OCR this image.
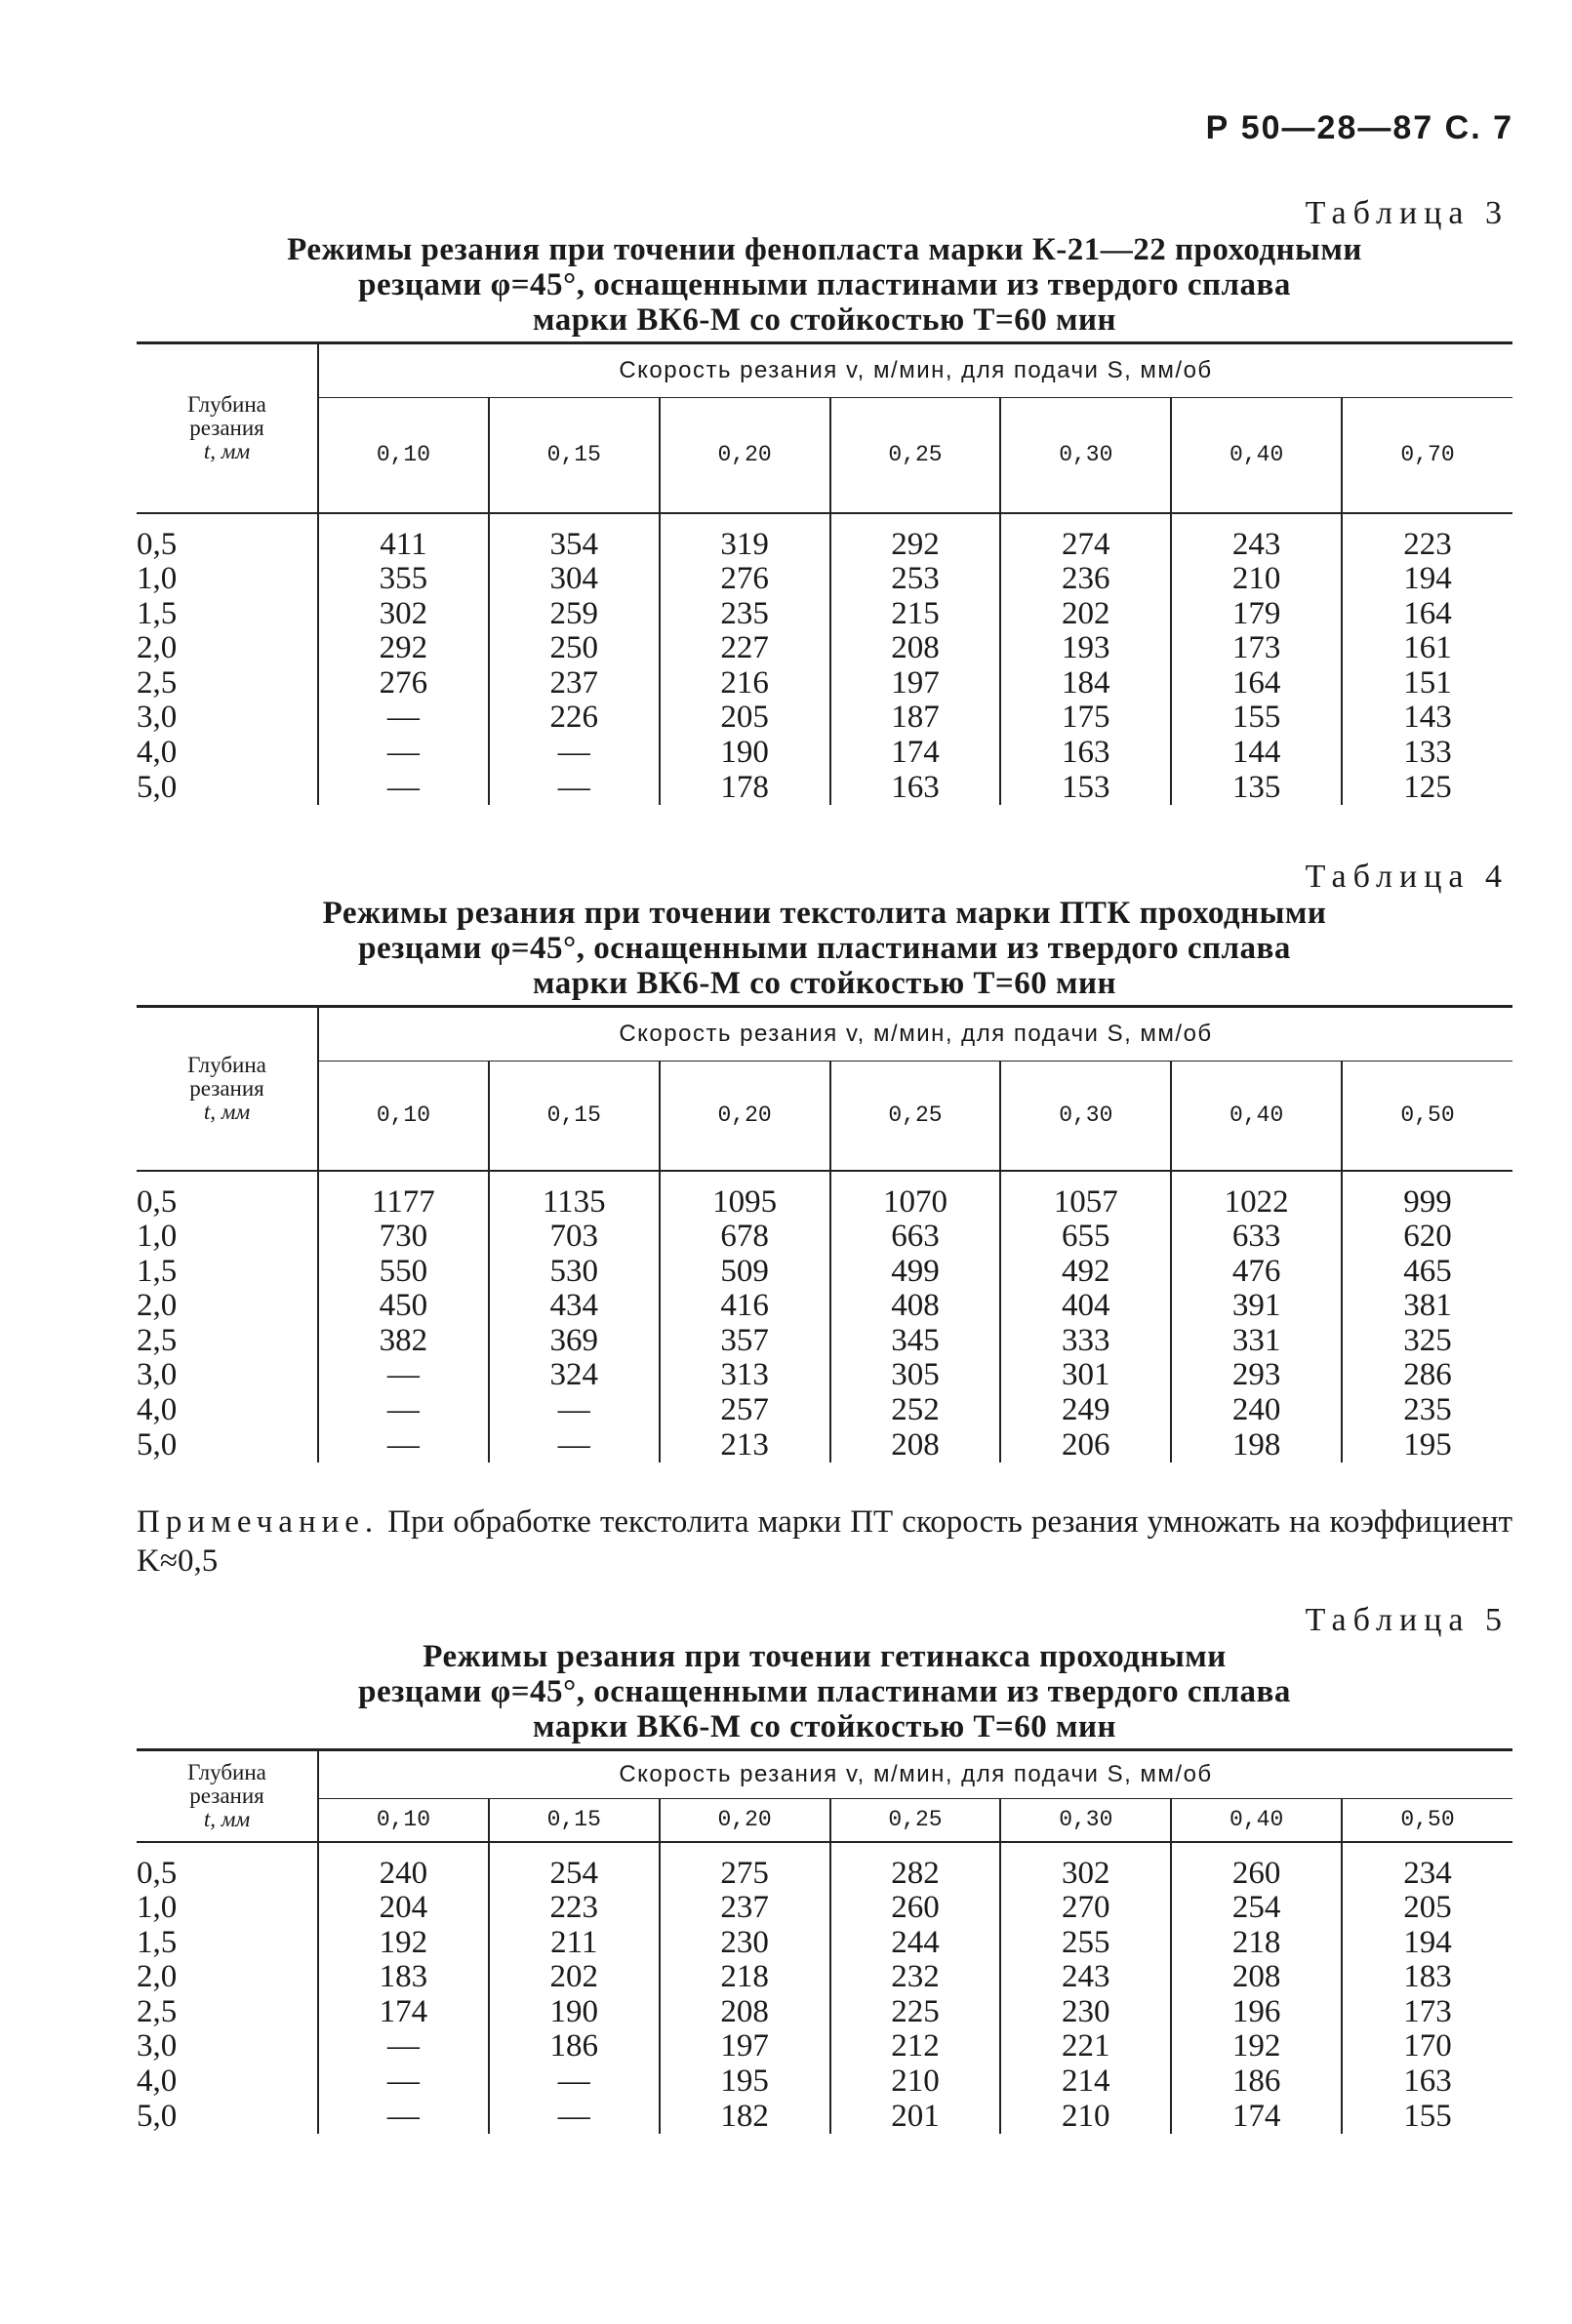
Р 50—28—87 С. 7
Таблица 3
Режимы резания при точении фенопласта марки К-21—22 проходными
резцами φ=45°, оснащенными пластинами из твердого сплава
марки ВК6-М со стойкостью T=60 мин
Глубина
резания
t, мм	Скорость резания v, м/мин, для подачи S, мм/об						
	0,10	0,15	0,20	0,25	0,30	0,40	0,70
0,5	411	354	319	292	274	243	223
1,0	355	304	276	253	236	210	194
1,5	302	259	235	215	202	179	164
2,0	292	250	227	208	193	173	161
2,5	276	237	216	197	184	164	151
3,0	—	226	205	187	175	155	143
4,0	—	—	190	174	163	144	133
5,0	—	—	178	163	153	135	125
Таблица 4
Режимы резания при точении текстолита марки ПТК проходными
резцами φ=45°, оснащенными пластинами из твердого сплава
марки ВК6-М со стойкостью T=60 мин
Глубина
резания
t, мм	Скорость резания v, м/мин, для подачи S, мм/об						
	0,10	0,15	0,20	0,25	0,30	0,40	0,50
0,5	1177	1135	1095	1070	1057	1022	999
1,0	730	703	678	663	655	633	620
1,5	550	530	509	499	492	476	465
2,0	450	434	416	408	404	391	381
2,5	382	369	357	345	333	331	325
3,0	—	324	313	305	301	293	286
4,0	—	—	257	252	249	240	235
5,0	—	—	213	208	206	198	195
Примечание. При обработке текстолита марки ПТ скорость резания умножать на коэффициент K≈0,5
Таблица 5
Режимы резания при точении гетинакса проходными
резцами φ=45°, оснащенными пластинами из твердого сплава
марки ВК6-М со стойкостью T=60 мин
Глубина
резания
t, мм	Скорость резания v, м/мин, для подачи S, мм/об						
	0,10	0,15	0,20	0,25	0,30	0,40	0,50
0,5	240	254	275	282	302	260	234
1,0	204	223	237	260	270	254	205
1,5	192	211	230	244	255	218	194
2,0	183	202	218	232	243	208	183
2,5	174	190	208	225	230	196	173
3,0	—	186	197	212	221	192	170
4,0	—	—	195	210	214	186	163
5,0	—	—	182	201	210	174	155
